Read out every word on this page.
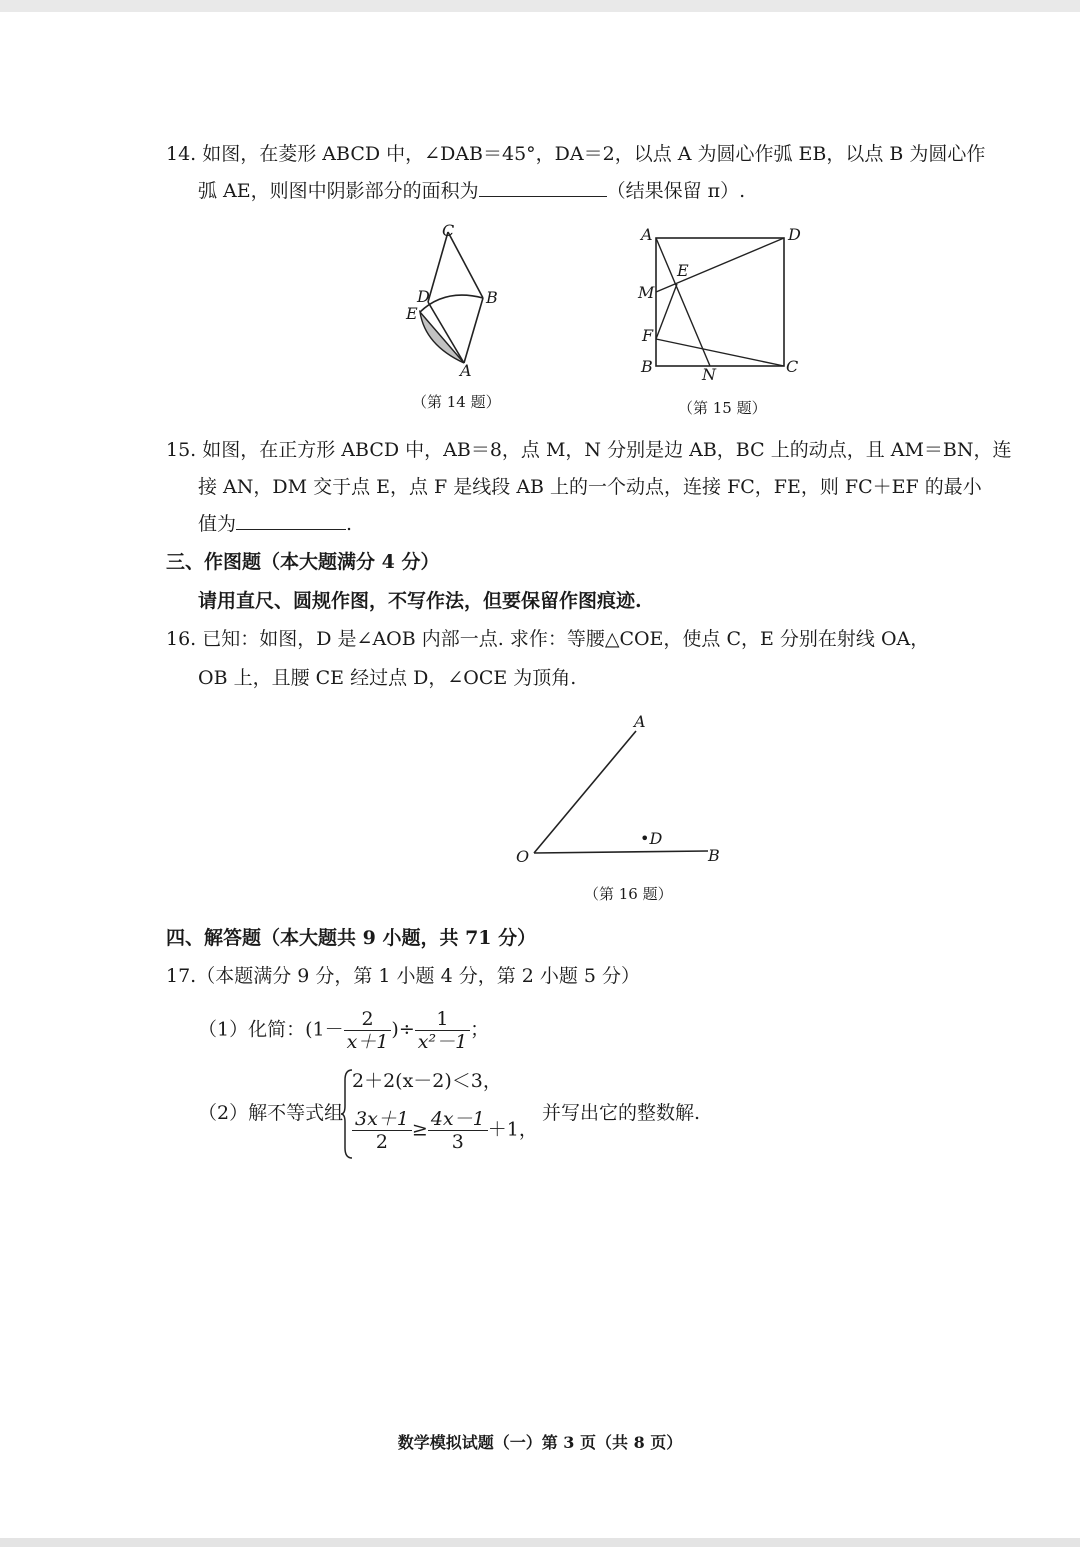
14. 如图，在菱形 ABCD 中，∠DAB＝45°，DA＝2，以点 A 为圆心作弧 EB，以点 B 为圆心作
弧 AE，则图中阴影部分的面积为	（结果保留 π）.
C
D
E
B
A
（第 14 题）
A	D
E
M
F
B	N	C
（第 15 题）
15. 如图，在正方形 ABCD 中，AB＝8，点 M，N 分别是边 AB，BC 上的动点，且 AM＝BN，连
接 AN，DM 交于点 E，点 F 是线段 AB 上的一个动点，连接 FC，FE，则 FC＋EF 的最小
值为	.
三、作图题（本大题满分 4 分）
请用直尺、圆规作图，不写作法，但要保留作图痕迹.
16. 已知：如图，D 是∠AOB 内部一点. 求作：等腰△COE，使点 C，E 分别在射线 OA，
OB 上，且腰 CE 经过点 D，∠OCE 为顶角.
A
O
•D
B
（第 16 题）
四、解答题（本大题共 9 小题，共 71 分）
17.（本题满分 9 分，第 1 小题 4 分，第 2 小题 5 分）
（1）化简：($1- \frac{2}{x+1}$ )÷ $\frac{1}{\text{x²－1}}$ ；
（2）解不等式组
2＋2(x－2)＜3，
$\frac{3x+1}{2} \ge \frac{4x-1}{3} +1$，
并写出它的整数解.
数学模拟试题（一）第 3 页（共 8 页）
